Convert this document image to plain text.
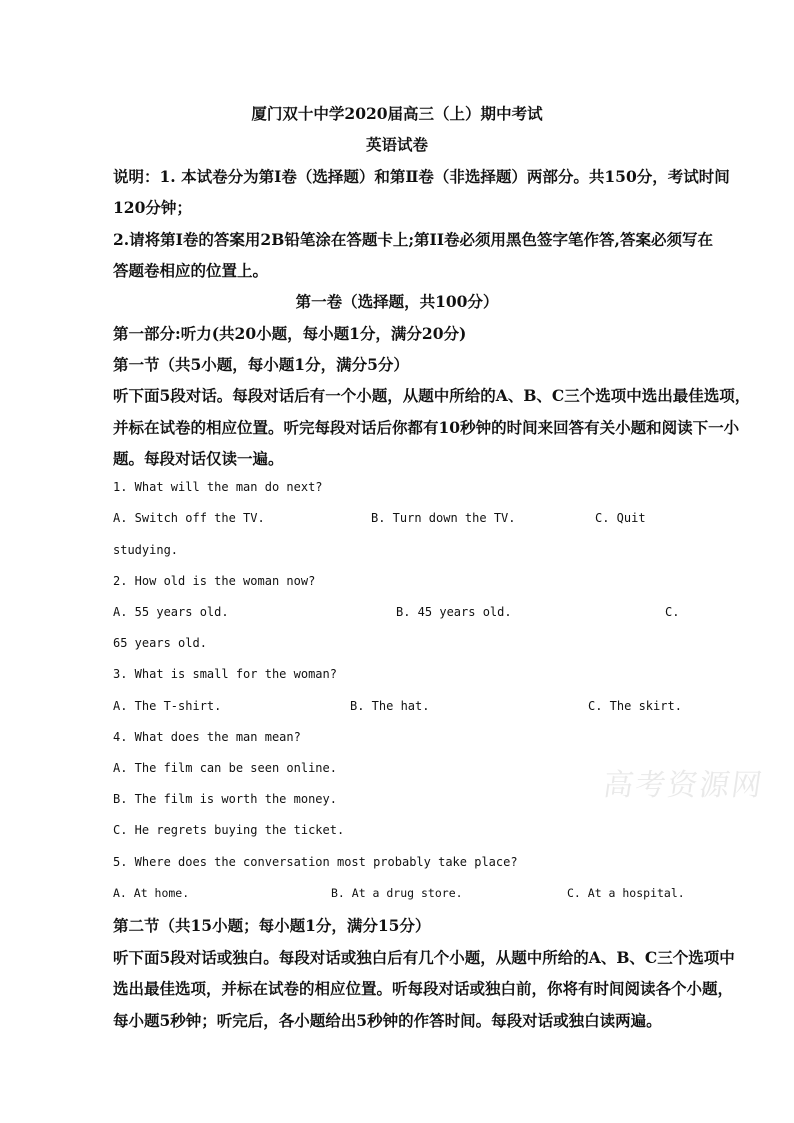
厦门双十中学2020届高三（上）期中考试
英语试卷
说明：1. 本试卷分为第Ⅰ卷（选择题）和第Ⅱ卷（非选择题）两部分。共150分，考试时间
120分钟；
2.请将第Ⅰ卷的答案用2B铅笔涂在答题卡上;第II卷必须用黑色签字笔作答,答案必须写在
答题卷相应的位置上。
第一卷（选择题，共100分）
第一部分:听力(共20小题，每小题1分，满分20分)
第一节（共5小题，每小题1分，满分5分）
听下面5段对话。每段对话后有一个小题，从题中所给的A、B、C三个选项中选出最佳选项，
并标在试卷的相应位置。听完每段对话后你都有10秒钟的时间来回答有关小题和阅读下一小
题。每段对话仅读一遍。
1. What will the man do next?
A. Switch off the TV.	B. Turn down the TV.	C. Quit
studying.
2. How old is the woman now?
A. 55 years old.	B. 45 years old.	C.
65 years old.
3. What is small for the woman?
A. The T-shirt.	B. The hat.	C. The skirt.
4. What does the man mean?
A. The film can be seen online.
B. The film is worth the money.
C. He regrets buying the ticket.
5. Where does the conversation most probably take place?
A. At home.	B. At a drug store.	C. At a hospital.
第二节（共15小题；每小题1分，满分15分）
听下面5段对话或独白。每段对话或独白后有几个小题，从题中所给的A、B、C三个选项中
选出最佳选项，并标在试卷的相应位置。听每段对话或独白前，你将有时间阅读各个小题，
每小题5秒钟；听完后，各小题给出5秒钟的作答时间。每段对话或独白读两遍。
高考资源网
